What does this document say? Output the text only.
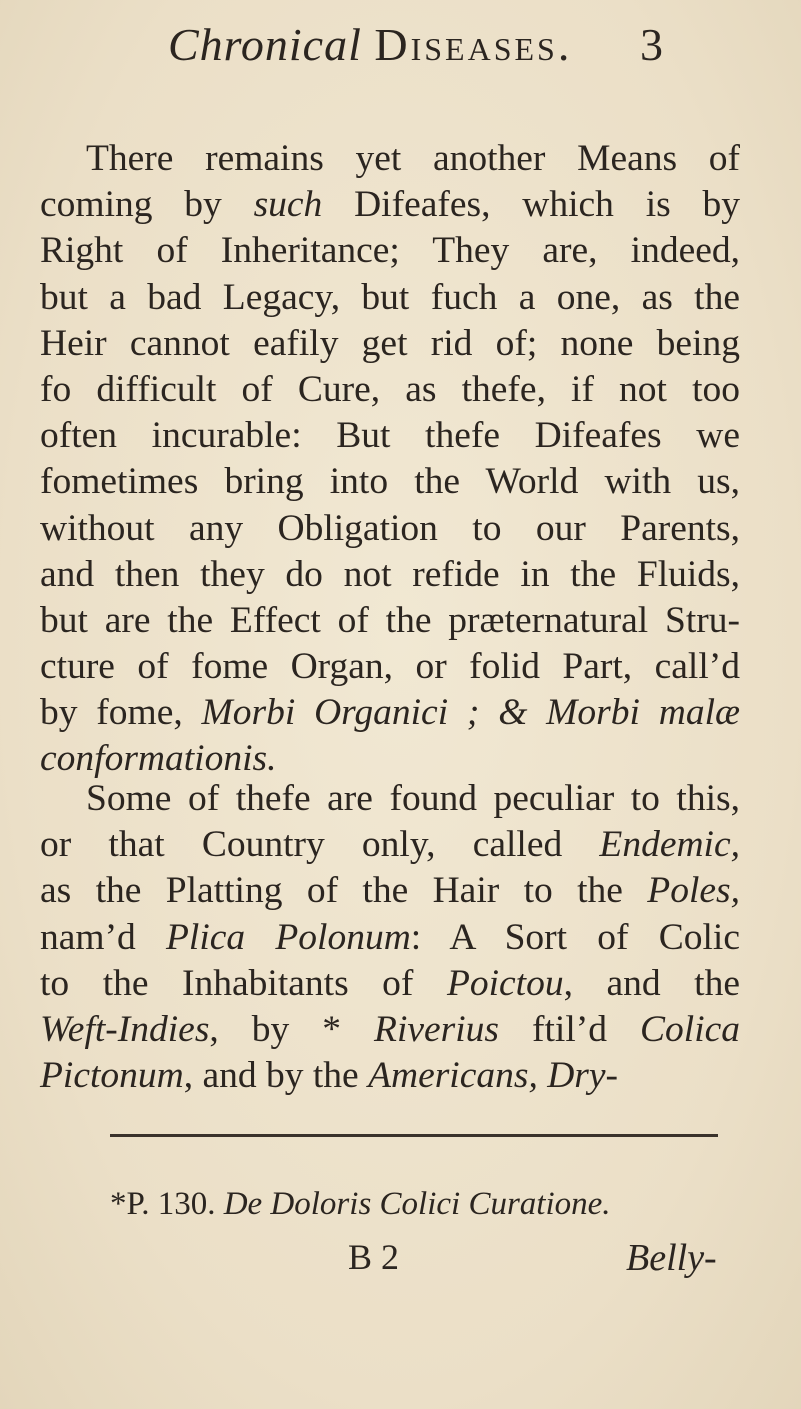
Chronical Diseases. 3
There remains yet another Means of
coming by such Difeafes, which is by
Right of Inheritance; They are, indeed,
but a bad Legacy, but fuch a one, as the
Heir cannot eafily get rid of; none being
fo difficult of Cure, as thefe, if not too
often incurable: But thefe Difeafes we
fometimes bring into the World with us,
without any Obligation to our Parents,
and then they do not refide in the Fluids,
but are the Effect of the præternatural Stru-
cture of fome Organ, or folid Part, call’d
by fome, Morbi Organici ; & Morbi malæ
conformationis.
Some of thefe are found peculiar to this,
or that Country only, called Endemic,
as the Platting of the Hair to the Poles,
nam’d Plica Polonum: A Sort of Colic
to the Inhabitants of Poictou, and the
Weft-Indies, by * Riverius ftil’d Colica
Pictonum, and by the Americans, Dry-
*P. 130. De Doloris Colici Curatione.
B 2	Belly-
